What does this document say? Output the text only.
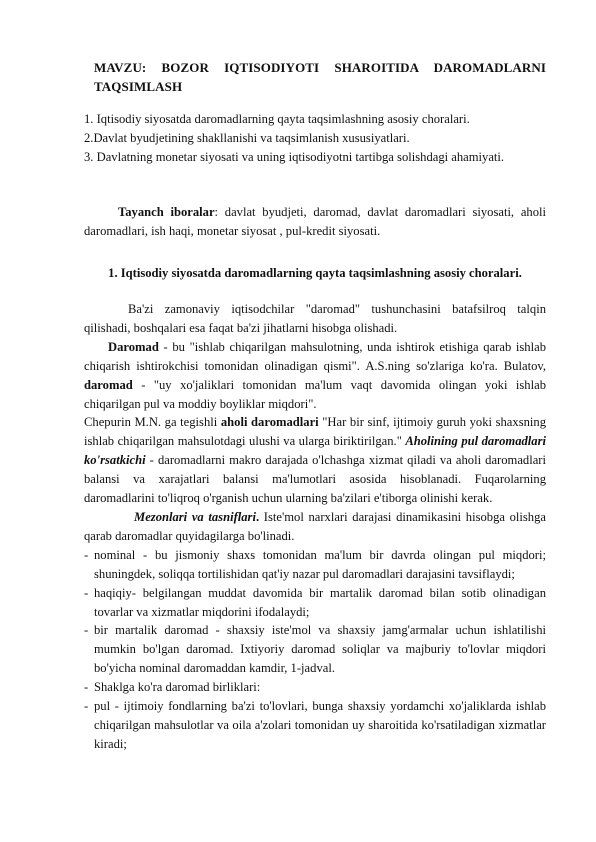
MAVZU: BOZOR IQTISODIYOTI SHAROITIDA DAROMADLARNI TAQSIMLASH
1. Iqtisodiy siyosatda daromadlarning qayta taqsimlashning asosiy choralari.
2.Davlat byudjetining shakllanishi va taqsimlanish xususiyatlari.
3. Davlatning monetar siyosati va uning iqtisodiyotni tartibga solishdagi ahamiyati.
Tayanch iboralar: davlat byudjeti, daromad, davlat daromadlari siyosati, aholi daromadlari, ish haqi, monetar siyosat , pul-kredit siyosati.
1. Iqtisodiy siyosatda daromadlarning qayta taqsimlashning asosiy choralari.

Ba'zi zamonaviy iqtisodchilar "daromad" tushunchasini batafsilroq talqin qilishadi, boshqalari esa faqat ba'zi jihatlarni hisobga olishadi.

Daromad - bu "ishlab chiqarilgan mahsulotning, unda ishtirok etishiga qarab ishlab chiqarish ishtirokchisi tomonidan olinadigan qismi". A.S.ning so'zlariga ko'ra. Bulatov, daromad - "uy xo'jaliklari tomonidan ma'lum vaqt davomida olingan yoki ishlab chiqarilgan pul va moddiy boyliklar miqdori".

Chepurin M.N. ga tegishli aholi daromadlari "Har bir sinf, ijtimoiy guruh yoki shaxsning ishlab chiqarilgan mahsulotdagi ulushi va ularga biriktirilgan." Aholining pul daromadlari ko'rsatkichi - daromadlarni makro darajada o'lchashga xizmat qiladi va aholi daromadlari balansi va xarajatlari balansi ma'lumotlari asosida hisoblanadi. Fuqarolarning daromadlarini to'liqroq o'rganish uchun ularning ba'zilari e'tiborga olinishi kerak.

Mezonlari va tasniflari. Iste'mol narxlari darajasi dinamikasini hisobga olishga qarab daromadlar quyidagilarga bo'linadi.

- nominal - bu jismoniy shaxs tomonidan ma'lum bir davrda olingan pul miqdori; shuningdek, soliqqa tortilishidan qat'iy nazar pul daromadlari darajasini tavsiflaydi;
- haqiqiy- belgilangan muddat davomida bir martalik daromad bilan sotib olinadigan tovarlar va xizmatlar miqdorini ifodalaydi;
- bir martalik daromad - shaxsiy iste'mol va shaxsiy jamg'armalar uchun ishlatilishi mumkin bo'lgan daromad. Ixtiyoriy daromad soliqlar va majburiy to'lovlar miqdori bo'yicha nominal daromaddan kamdir, 1-jadval.
- Shaklga ko'ra daromad birliklari:
- pul - ijtimoiy fondlarning ba'zi to'lovlari, bunga shaxsiy yordamchi xo'jaliklarda ishlab chiqarilgan mahsulotlar va oila a'zolari tomonidan uy sharoitida ko'rsatiladigan xizmatlar kiradi;
